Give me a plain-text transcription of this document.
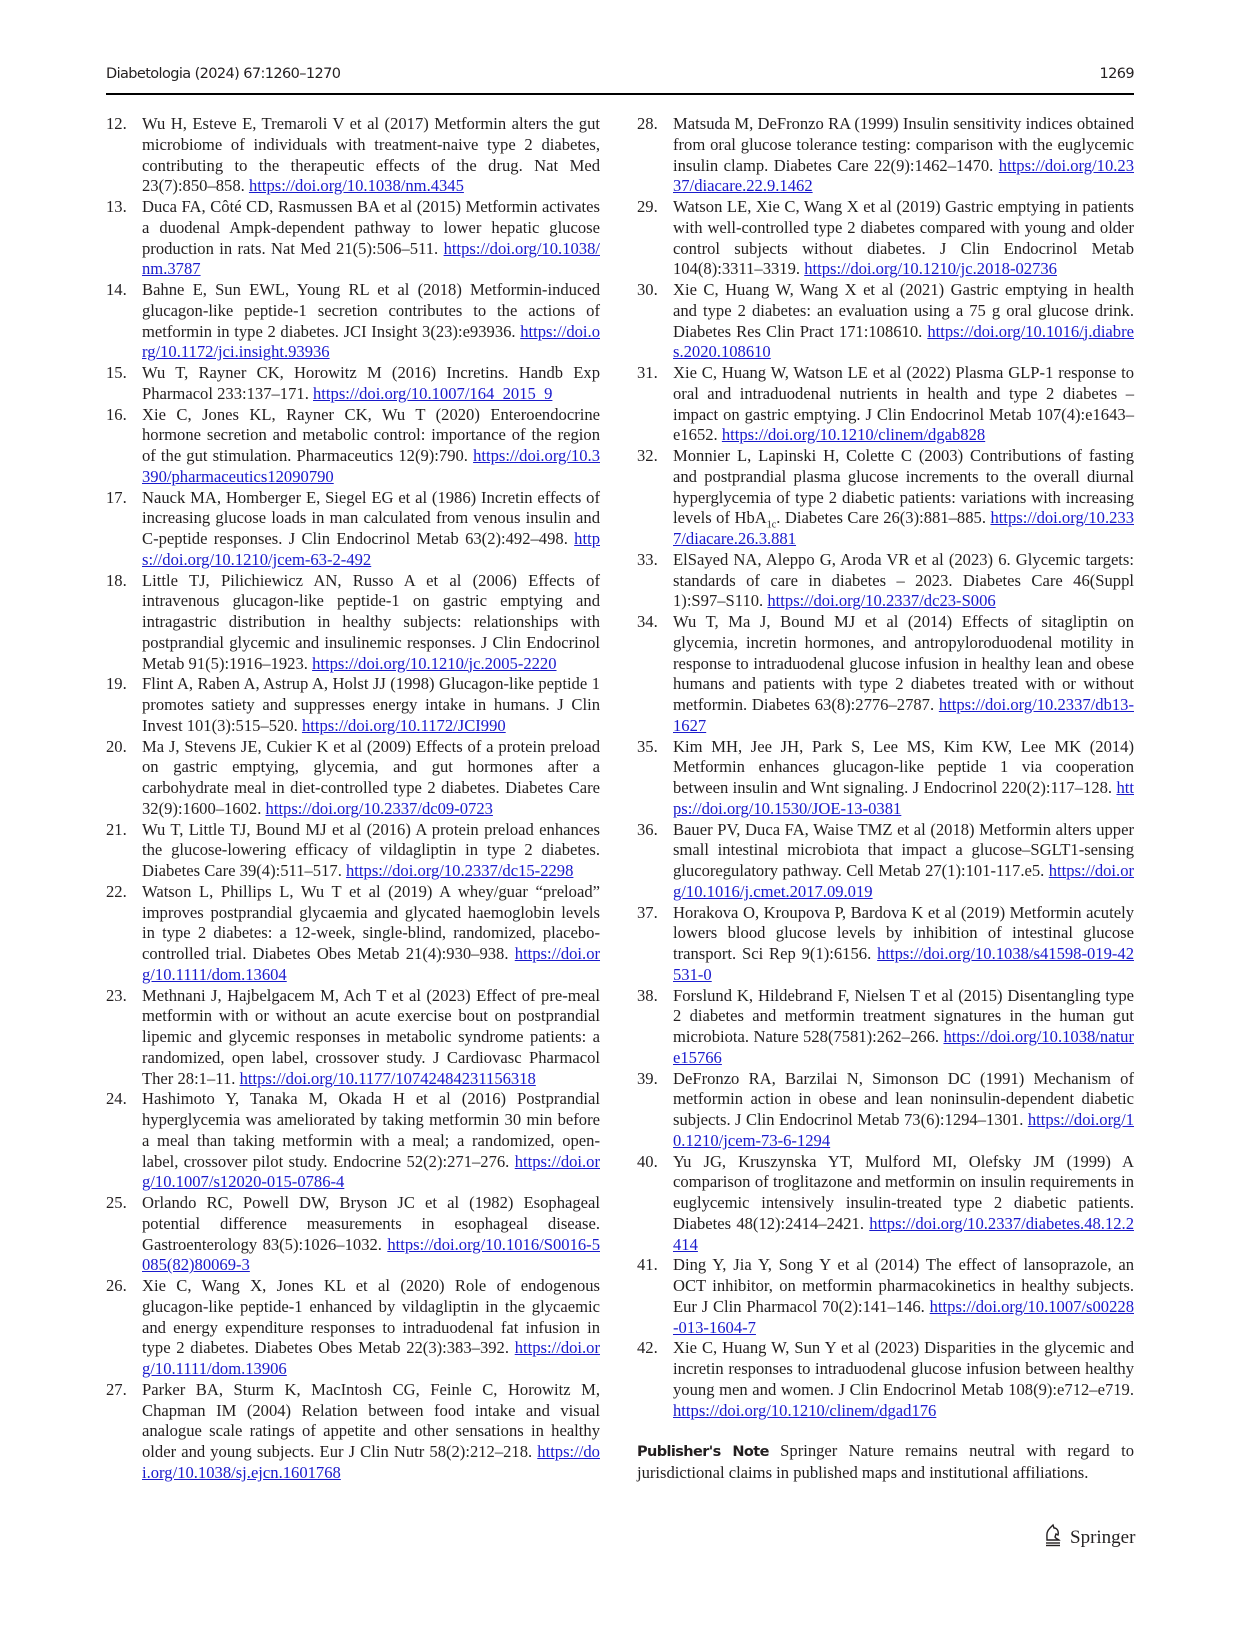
Diabetologia (2024) 67:1260–1270	1269
12. Wu H, Esteve E, Tremaroli V et al (2017) Metformin alters the gut microbiome of individuals with treatment-naive type 2 diabetes, contributing to the therapeutic effects of the drug. Nat Med 23(7):850–858. https://doi.org/10.1038/nm.4345
13. Duca FA, Côté CD, Rasmussen BA et al (2015) Metformin activates a duodenal Ampk-dependent pathway to lower hepatic glucose production in rats. Nat Med 21(5):506–511. https://doi.org/10.1038/nm.3787
14. Bahne E, Sun EWL, Young RL et al (2018) Metformin-induced glucagon-like peptide-1 secretion contributes to the actions of metformin in type 2 diabetes. JCI Insight 3(23):e93936. https://doi.org/10.1172/jci.insight.93936
15. Wu T, Rayner CK, Horowitz M (2016) Incretins. Handb Exp Pharmacol 233:137–171. https://doi.org/10.1007/164_2015_9
16. Xie C, Jones KL, Rayner CK, Wu T (2020) Enteroendocrine hormone secretion and metabolic control: importance of the region of the gut stimulation. Pharmaceutics 12(9):790. https://doi.org/10.3390/pharmaceutics12090790
17. Nauck MA, Homberger E, Siegel EG et al (1986) Incretin effects of increasing glucose loads in man calculated from venous insulin and C-peptide responses. J Clin Endocrinol Metab 63(2):492–498. https://doi.org/10.1210/jcem-63-2-492
18. Little TJ, Pilichiewicz AN, Russo A et al (2006) Effects of intravenous glucagon-like peptide-1 on gastric emptying and intragastric distribution in healthy subjects: relationships with postprandial glycemic and insulinemic responses. J Clin Endocrinol Metab 91(5):1916–1923. https://doi.org/10.1210/jc.2005-2220
19. Flint A, Raben A, Astrup A, Holst JJ (1998) Glucagon-like peptide 1 promotes satiety and suppresses energy intake in humans. J Clin Invest 101(3):515–520. https://doi.org/10.1172/JCI990
20. Ma J, Stevens JE, Cukier K et al (2009) Effects of a protein preload on gastric emptying, glycemia, and gut hormones after a carbohydrate meal in diet-controlled type 2 diabetes. Diabetes Care 32(9):1600–1602. https://doi.org/10.2337/dc09-0723
21. Wu T, Little TJ, Bound MJ et al (2016) A protein preload enhances the glucose-lowering efficacy of vildagliptin in type 2 diabetes. Diabetes Care 39(4):511–517. https://doi.org/10.2337/dc15-2298
22. Watson L, Phillips L, Wu T et al (2019) A whey/guar “preload” improves postprandial glycaemia and glycated haemoglobin levels in type 2 diabetes: a 12-week, single-blind, randomized, placebo-controlled trial. Diabetes Obes Metab 21(4):930–938. https://doi.org/10.1111/dom.13604
23. Methnani J, Hajbelgacem M, Ach T et al (2023) Effect of pre-meal metformin with or without an acute exercise bout on postprandial lipemic and glycemic responses in metabolic syndrome patients: a randomized, open label, crossover study. J Cardiovasc Pharmacol Ther 28:1–11. https://doi.org/10.1177/10742484231156318
24. Hashimoto Y, Tanaka M, Okada H et al (2016) Postprandial hyperglycemia was ameliorated by taking metformin 30 min before a meal than taking metformin with a meal; a randomized, open-label, crossover pilot study. Endocrine 52(2):271–276. https://doi.org/10.1007/s12020-015-0786-4
25. Orlando RC, Powell DW, Bryson JC et al (1982) Esophageal potential difference measurements in esophageal disease. Gastroenterology 83(5):1026–1032. https://doi.org/10.1016/S0016-5085(82)80069-3
26. Xie C, Wang X, Jones KL et al (2020) Role of endogenous glucagon-like peptide-1 enhanced by vildagliptin in the glycaemic and energy expenditure responses to intraduodenal fat infusion in type 2 diabetes. Diabetes Obes Metab 22(3):383–392. https://doi.org/10.1111/dom.13906
27. Parker BA, Sturm K, MacIntosh CG, Feinle C, Horowitz M, Chapman IM (2004) Relation between food intake and visual analogue scale ratings of appetite and other sensations in healthy older and young subjects. Eur J Clin Nutr 58(2):212–218. https://doi.org/10.1038/sj.ejcn.1601768
28. Matsuda M, DeFronzo RA (1999) Insulin sensitivity indices obtained from oral glucose tolerance testing: comparison with the euglycemic insulin clamp. Diabetes Care 22(9):1462–1470. https://doi.org/10.2337/diacare.22.9.1462
29. Watson LE, Xie C, Wang X et al (2019) Gastric emptying in patients with well-controlled type 2 diabetes compared with young and older control subjects without diabetes. J Clin Endocrinol Metab 104(8):3311–3319. https://doi.org/10.1210/jc.2018-02736
30. Xie C, Huang W, Wang X et al (2021) Gastric emptying in health and type 2 diabetes: an evaluation using a 75 g oral glucose drink. Diabetes Res Clin Pract 171:108610. https://doi.org/10.1016/j.diabres.2020.108610
31. Xie C, Huang W, Watson LE et al (2022) Plasma GLP-1 response to oral and intraduodenal nutrients in health and type 2 diabetes – impact on gastric emptying. J Clin Endocrinol Metab 107(4):e1643–e1652. https://doi.org/10.1210/clinem/dgab828
32. Monnier L, Lapinski H, Colette C (2003) Contributions of fasting and postprandial plasma glucose increments to the overall diurnal hyperglycemia of type 2 diabetic patients: variations with increasing levels of HbA$_{1c}$. Diabetes Care 26(3):881–885. https://doi.org/10.2337/diacare.26.3.881
33. ElSayed NA, Aleppo G, Aroda VR et al (2023) 6. Glycemic targets: standards of care in diabetes – 2023. Diabetes Care 46(Suppl 1):S97–S110. https://doi.org/10.2337/dc23-S006
34. Wu T, Ma J, Bound MJ et al (2014) Effects of sitagliptin on glycemia, incretin hormones, and antropyloroduodenal motility in response to intraduodenal glucose infusion in healthy lean and obese humans and patients with type 2 diabetes treated with or without metformin. Diabetes 63(8):2776–2787. https://doi.org/10.2337/db13-1627
35. Kim MH, Jee JH, Park S, Lee MS, Kim KW, Lee MK (2014) Metformin enhances glucagon-like peptide 1 via cooperation between insulin and Wnt signaling. J Endocrinol 220(2):117–128. https://doi.org/10.1530/JOE-13-0381
36. Bauer PV, Duca FA, Waise TMZ et al (2018) Metformin alters upper small intestinal microbiota that impact a glucose–SGLT1-sensing glucoregulatory pathway. Cell Metab 27(1):101-117.e5. https://doi.org/10.1016/j.cmet.2017.09.019
37. Horakova O, Kroupova P, Bardova K et al (2019) Metformin acutely lowers blood glucose levels by inhibition of intestinal glucose transport. Sci Rep 9(1):6156. https://doi.org/10.1038/s41598-019-42531-0
38. Forslund K, Hildebrand F, Nielsen T et al (2015) Disentangling type 2 diabetes and metformin treatment signatures in the human gut microbiota. Nature 528(7581):262–266. https://doi.org/10.1038/nature15766
39. DeFronzo RA, Barzilai N, Simonson DC (1991) Mechanism of metformin action in obese and lean noninsulin-dependent diabetic subjects. J Clin Endocrinol Metab 73(6):1294–1301. https://doi.org/10.1210/jcem-73-6-1294
40. Yu JG, Kruszynska YT, Mulford MI, Olefsky JM (1999) A comparison of troglitazone and metformin on insulin requirements in euglycemic intensively insulin-treated type 2 diabetic patients. Diabetes 48(12):2414–2421. https://doi.org/10.2337/diabetes.48.12.2414
41. Ding Y, Jia Y, Song Y et al (2014) The effect of lansoprazole, an OCT inhibitor, on metformin pharmacokinetics in healthy subjects. Eur J Clin Pharmacol 70(2):141–146. https://doi.org/10.1007/s00228-013-1604-7
42. Xie C, Huang W, Sun Y et al (2023) Disparities in the glycemic and incretin responses to intraduodenal glucose infusion between healthy young men and women. J Clin Endocrinol Metab 108(9):e712–e719. https://doi.org/10.1210/clinem/dgad176

Publisher's Note Springer Nature remains neutral with regard to jurisdictional claims in published maps and institutional affiliations.

Springer
